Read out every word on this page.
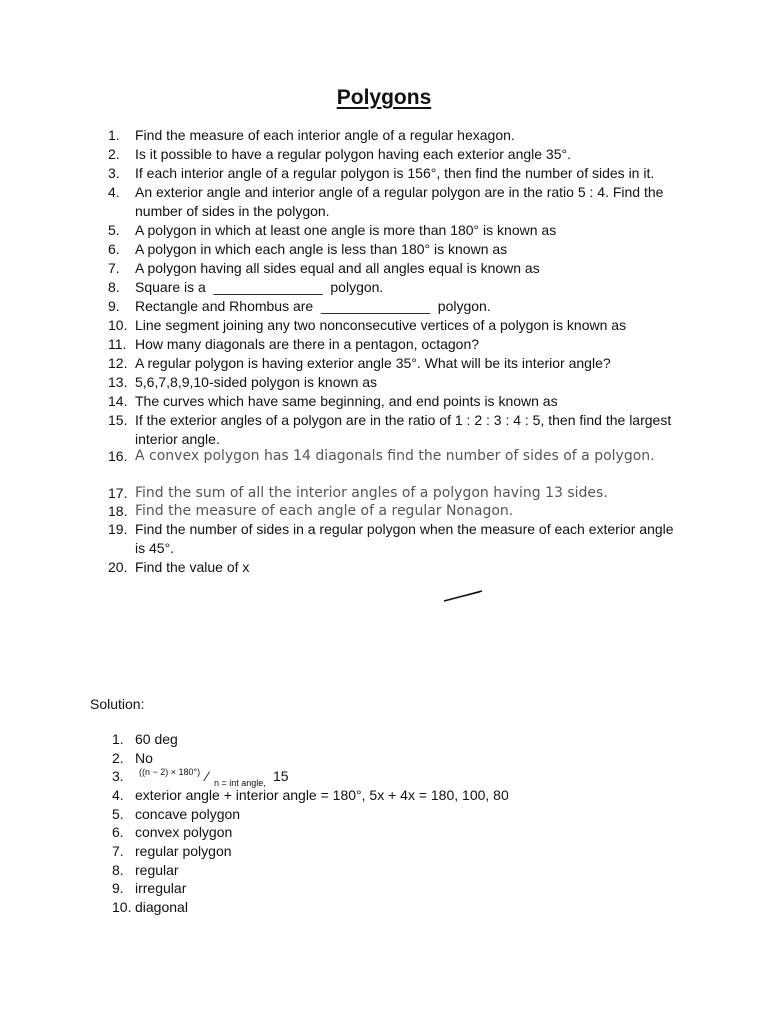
Polygons
1. Find the measure of each interior angle of a regular hexagon.
2. Is it possible to have a regular polygon having each exterior angle 35°.
3. If each interior angle of a regular polygon is 156°, then find the number of sides in it.
4. An exterior angle and interior angle of a regular polygon are in the ratio 5 : 4. Find the number of sides in the polygon.
5. A polygon in which at least one angle is more than 180° is known as
6. A polygon in which each angle is less than 180° is known as
7. A polygon having all sides equal and all angles equal is known as
8. Square is a  ______________  polygon.
9. Rectangle and Rhombus are  ______________  polygon.
10. Line segment joining any two nonconsecutive vertices of a polygon is known as
11. How many diagonals are there in a pentagon, octagon?
12. A regular polygon is having exterior angle 35°. What will be its interior angle?
13. 5,6,7,8,9,10-sided polygon is known as
14. The curves which have same beginning, and end points is known as
15. If the exterior angles of a polygon are in the ratio of 1 : 2 : 3 : 4 : 5, then find the largest interior angle.
16. A convex polygon has 14 diagonals find the number of sides of a polygon.
17. Find the sum of all the interior angles of a polygon having 13 sides.
18. Find the measure of each angle of a regular Nonagon.
19. Find the number of sides in a regular polygon when the measure of each exterior angle is 45°.
20. Find the value of x
Solution:
1. 60 deg
2. No
3. ((n − 2) × 180°) ⁄ n = int angle, 15
4. exterior angle + interior angle = 180°, 5x + 4x = 180, 100, 80
5. concave polygon
6. convex polygon
7. regular polygon
8. regular
9. irregular
10. diagonal
